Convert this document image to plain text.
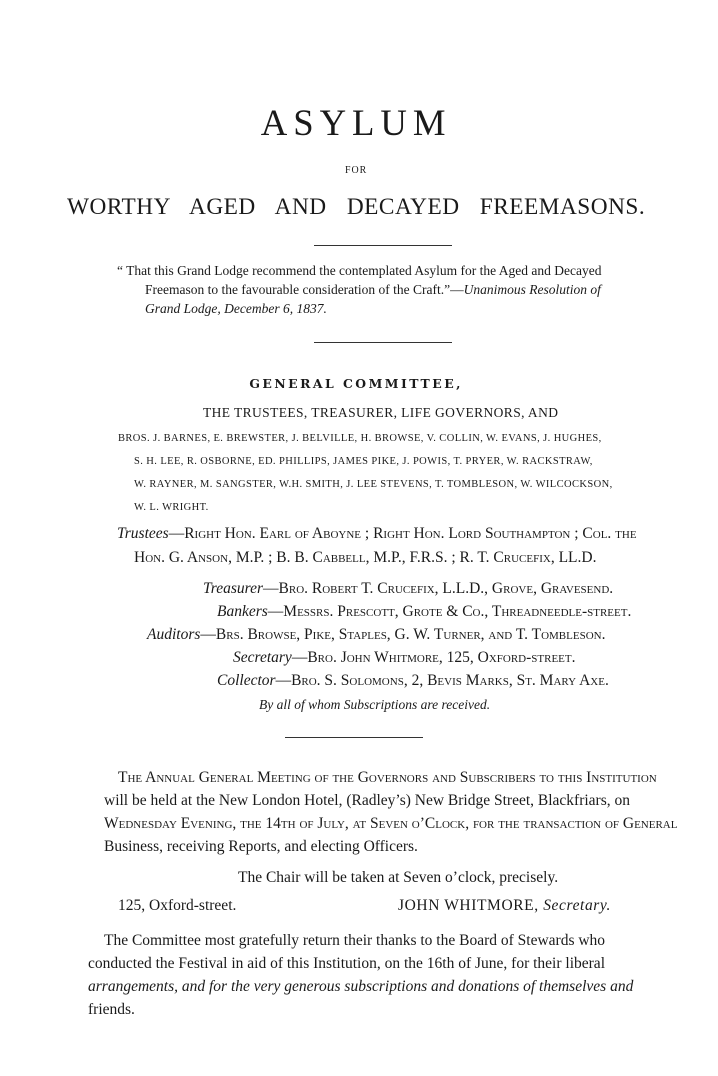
ASYLUM
FOR
WORTHY AGED AND DECAYED FREEMASONS.
“ That this Grand Lodge recommend the contemplated Asylum for the Aged and Decayed
Freemason to the favourable consideration of the Craft.”—Unanimous Resolution of
Grand Lodge, December 6, 1837.
GENERAL COMMITTEE,
THE TRUSTEES, TREASURER, LIFE GOVERNORS, AND
BROS. J. BARNES, E. BREWSTER, J. BELVILLE, H. BROWSE, V. COLLIN, W. EVANS, J. HUGHES,
S. H. LEE, R. OSBORNE, ED. PHILLIPS, JAMES PIKE, J. POWIS, T. PRYER, W. RACKSTRAW,
W. RAYNER, M. SANGSTER, W.H. SMITH, J. LEE STEVENS, T. TOMBLESON, W. WILCOCKSON,
W. L. WRIGHT.
Trustees—Right Hon. Earl of Aboyne ; Right Hon. Lord Southampton ; Col. the
Hon. G. Anson, M.P. ; B. B. Cabbell, M.P., F.R.S. ; R. T. Crucefix, LL.D.
Treasurer—Bro. Robert T. Crucefix, L.L.D., Grove, Gravesend.
Bankers—Messrs. Prescott, Grote & Co., Threadneedle-street.
Auditors—Brs. Browse, Pike, Staples, G. W. Turner, and T. Tombleson.
Secretary—Bro. John Whitmore, 125, Oxford-street.
Collector—Bro. S. Solomons, 2, Bevis Marks, St. Mary Axe.
By all of whom Subscriptions are received.
The Annual General Meeting of the Governors and Subscribers to this Institution
will be held at the New London Hotel, (Radley’s) New Bridge Street, Blackfriars, on
Wednesday Evening, the 14th of July, at Seven o’Clock, for the transaction of General
Business, receiving Reports, and electing Officers.
The Chair will be taken at Seven o’clock, precisely.
125, Oxford-street.	JOHN WHITMORE, Secretary.
The Committee most gratefully return their thanks to the Board of Stewards who
conducted the Festival in aid of this Institution, on the 16th of June, for their liberal
arrangements, and for the very generous subscriptions and donations of themselves and
friends.
